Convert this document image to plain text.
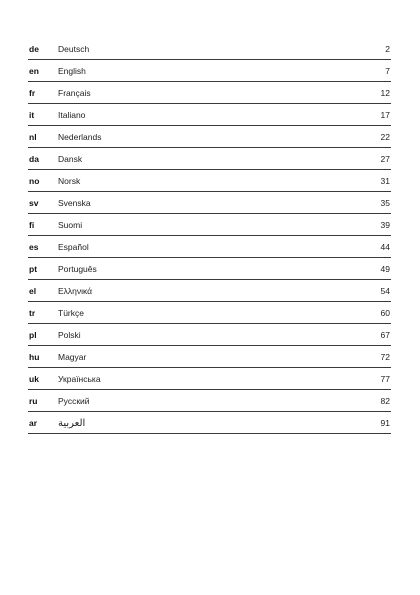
de Deutsch	2
en English	7
fr	Français	12
it	Italiano	17
nl	Nederlands	22
da Dansk	27
no Norsk	31
sv Svenska	35
fi	Suomi	39
es Español	44
pt Português	49
el	Ελληνικά	54
tr	Türkçe	60
pl	Polski	67
hu Magyar	72
uk Українська	77
ru Русский	82
ar العربية	91
